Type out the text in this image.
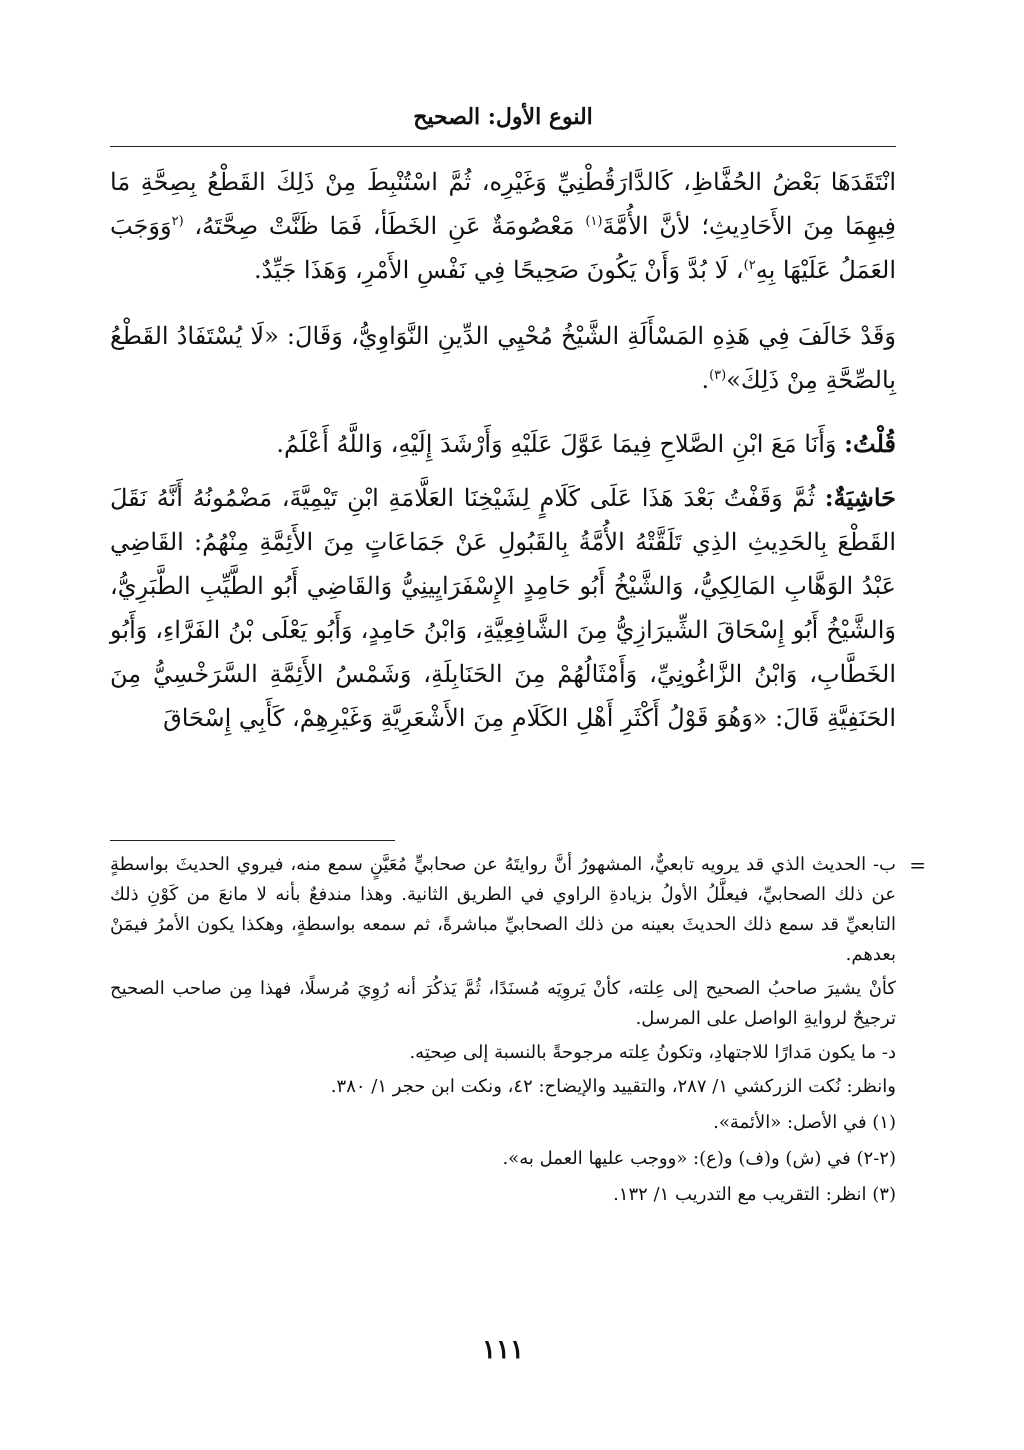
النوع الأول: الصحيح

انْتَقَدَهَا بَعْضُ الحُفَّاظِ، كَالدَّارَقُطْنِيِّ وَغَيْرِه، ثُمَّ اسْتُنْبِطَ مِنْ ذَلِكَ القَطْعُ بِصِحَّةِ مَا فِيهِمَا مِنَ الأَحَادِيثِ؛ لأنَّ الأُمَّةَ$^{(١)}$ مَعْصُومَةٌ عَنِ الخَطَأ، فَمَا ظَنَّتْ صِحَّتَهُ، $^{(٢}$وَوَجَبَ العَمَلُ عَلَيْهَا بِهِ$^{٢)}$، لَا بُدَّ وَأَنْ يَكُونَ صَحِيحًا فِي نَفْسِ الأَمْرِ، وَهَذَا جَيِّدٌ.

وَقَدْ خَالَفَ فِي هَذِهِ المَسْأَلَةِ الشَّيْخُ مُحْيِي الدِّينِ النَّوَاوِيُّ، وَقَالَ: «لَا يُسْتَفَادُ القَطْعُ بِالصِّحَّةِ مِنْ ذَلِكَ»$^{(٣)}$.

قُلْتُ: وَأَنَا مَعَ ابْنِ الصَّلاحِ فِيمَا عَوَّلَ عَلَيْهِ وَأَرْشَدَ إِلَيْهِ، وَاللَّهُ أَعْلَمُ.

حَاشِيَةٌ: ثُمَّ وَقَفْتُ بَعْدَ هَذَا عَلَى كَلَامٍ لِشَيْخِنَا العَلَّامَةِ ابْنِ تَيْمِيَّةَ، مَضْمُونُهُ أَنَّهُ نَقَلَ القَطْعَ بِالحَدِيثِ الذِي تَلَقَّتْهُ الأُمَّةُ بِالقَبُولِ عَنْ جَمَاعَاتٍ مِنَ الأَئِمَّةِ مِنْهُمُ: القَاضِي عَبْدُ الوَهَّابِ المَالِكِيُّ، وَالشَّيْخُ أَبُو حَامِدٍ الإِسْفَرَايِينِيُّ وَالقَاضِي أَبُو الطَّيِّبِ الطَّبَرِيُّ، وَالشَّيْخُ أَبُو إِسْحَاقَ الشِّيرَازِيُّ مِنَ الشَّافِعِيَّةِ، وَابْنُ حَامِدٍ، وَأَبُو يَعْلَى بْنُ الفَرَّاءِ، وَأَبُو الخَطَّابِ، وَابْنُ الزَّاغُونِيِّ، وَأَمْثَالُهُمْ مِنَ الحَنَابِلَةِ، وَشَمْسُ الأَئِمَّةِ السَّرَخْسِيُّ مِنَ الحَنَفِيَّةِ قَالَ: «وَهُوَ قَوْلُ أَكْثَرِ أَهْلِ الكَلَامِ مِنَ الأَشْعَرِيَّةِ وَغَيْرِهِمْ، كَأَبِي إِسْحَاقَ

=

ب- الحديث الذي قد يرويه تابعيٌّ، المشهورُ أنَّ روايتَهُ عن صحابيٍّ مُعَيَّنٍ سمع منه، فيروي الحديثَ بواسطةٍ عن ذلك الصحابيِّ، فيعلَّلُ الأولُ بزيادةِ الراوي في الطريق الثانية. وهذا مندفعٌ بأنه لا مانعَ من كَوْنِ ذلك التابعيِّ قد سمع ذلك الحديثَ بعينه من ذلك الصحابيِّ مباشرةً، ثم سمعه بواسطةٍ، وهكذا يكون الأمرُ فيمَنْ بعدهم.

كأنْ يشيرَ صاحبُ الصحيح إلى عِلته، كأنْ يَروِيَه مُسنَدًا، ثُمَّ يَذكُرَ أنه رُوِيَ مُرسلًا، فهذا مِن صاحب الصحيح ترجيحٌ لروايةِ الواصل على المرسل.

د- ما يكون مَدارًا للاجتهادِ، وتكونُ عِلته مرجوحةً بالنسبة إلى صِحتِه.

وانظر: نُكت الزركشي ١/ ٢٨٧، والتقييد والإيضاح: ٤٢، ونكت ابن حجر ١/ ٣٨٠.

(١) في الأصل: «الأئمة».

(٢-٢) في (ش) و(ف) و(ع): «ووجب عليها العمل به».

(٣) انظر: التقريب مع التدريب ١/ ١٣٢.

١١١
